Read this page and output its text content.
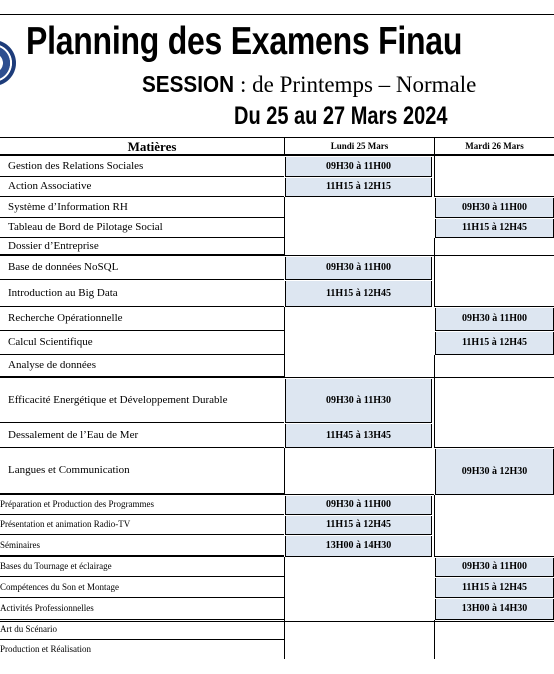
Planning des Examens Finau

SESSION : de Printemps – Normale

Du 25 au 27 Mars 2024

Matières	Lundi 25 Mars	Mardi 26 Mars
Gestion des Relations Sociales
Action Associative
Système d’Information RH
Tableau de Bord de Pilotage Social
Dossier d’Entreprise
Base de données NoSQL
Introduction au Big Data
Recherche Opérationnelle
Calcul Scientifique
Analyse de données
Efficacité Energétique et Développement Durable
Dessalement de l’Eau de Mer
Langues et Communication
Préparation et Production des Programmes
Présentation et animation Radio-TV
Séminaires
Bases du Tournage et éclairage
Compétences du Son et Montage
Activités Professionnelles
Art du Scénario
Production et Réalisation
09H30 à 11H00
11H15 à 12H15
09H30 à 11H00
11H15 à 12H45
09H30 à 11H30
11H45 à 13H45
09H30 à 11H00
11H15 à 12H45
13H00 à 14H30
09H30 à 11H00
11H15 à 12H45
09H30 à 11H00
11H15 à 12H45
09H30 à 12H30
09H30 à 11H00
11H15 à 12H45
13H00 à 14H30
